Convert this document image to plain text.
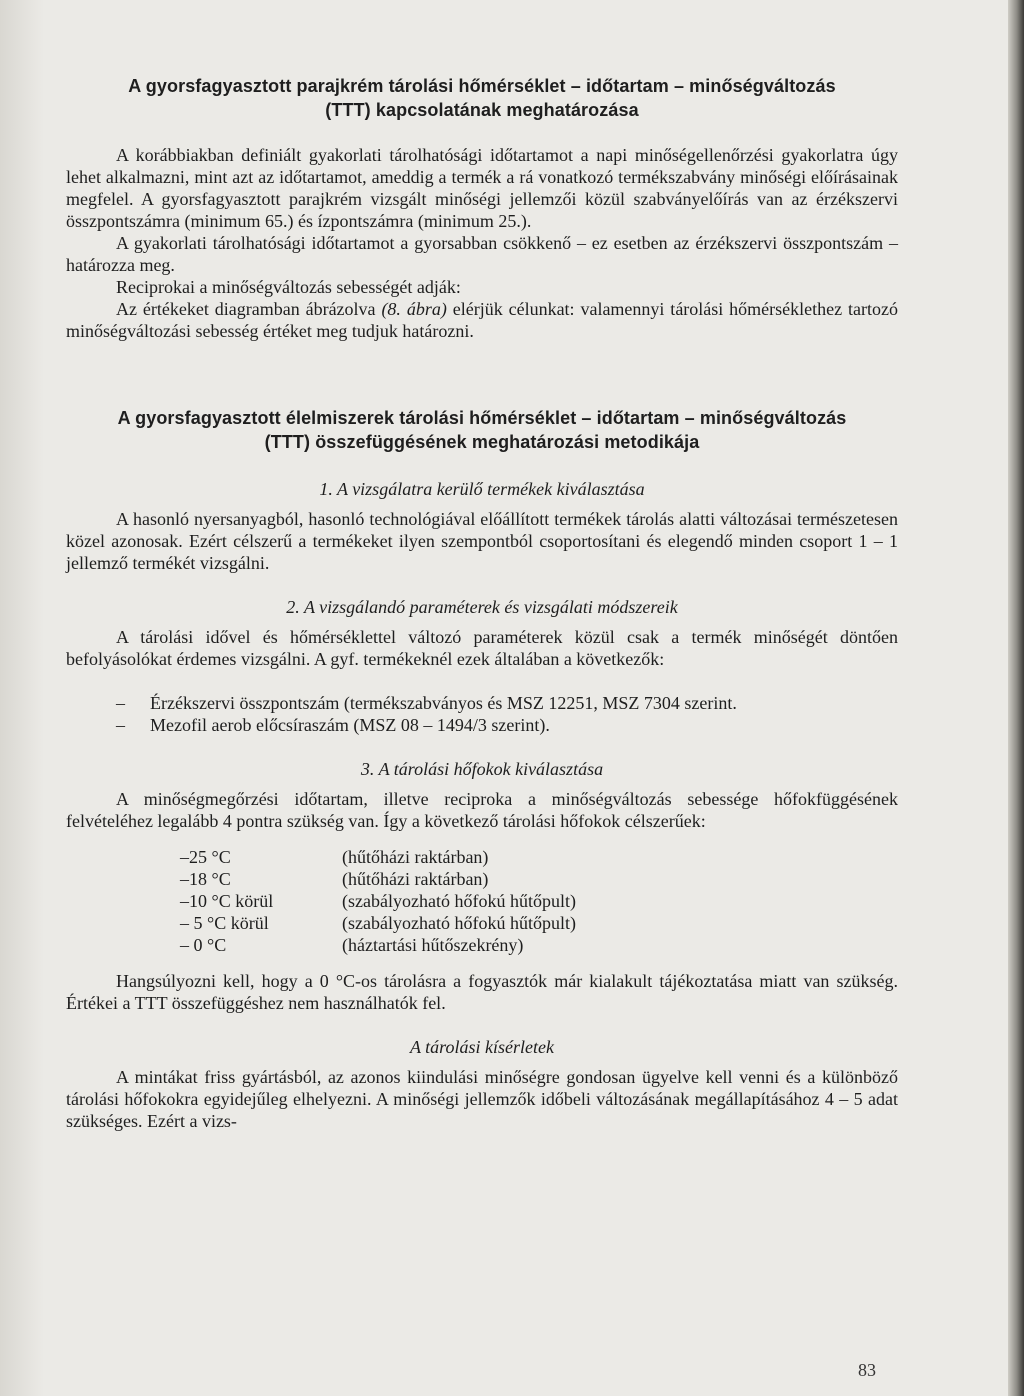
A gyorsfagyasztott parajkrém tárolási hőmérséklet – időtartam – minőségváltozás
(TTT) kapcsolatának meghatározása

A korábbiakban definiált gyakorlati tárolhatósági időtartamot a napi minőségellenőrzési gyakorlatra úgy lehet alkalmazni, mint azt az időtartamot, ameddig a termék a rá vonatkozó termékszabvány minőségi előírásainak megfelel. A gyorsfagyasztott parajkrém vizsgált minőségi jellemzői közül szabványelőírás van az érzékszervi összpontszámra (minimum 65.) és ízpontszámra (minimum 25.).

A gyakorlati tárolhatósági időtartamot a gyorsabban csökkenő – ez esetben az érzékszervi összpontszám – határozza meg.

Reciprokai a minőségváltozás sebességét adják:

Az értékeket diagramban ábrázolva (8. ábra) elérjük célunkat: valamennyi tárolási hőmérséklethez tartozó minőségváltozási sebesség értéket meg tudjuk határozni.

A gyorsfagyasztott élelmiszerek tárolási hőmérséklet – időtartam – minőségváltozás
(TTT) összefüggésének meghatározási metodikája

1. A vizsgálatra kerülő termékek kiválasztása

A hasonló nyersanyagból, hasonló technológiával előállított termékek tárolás alatti változásai természetesen közel azonosak. Ezért célszerű a termékeket ilyen szempontból csoportosítani és elegendő minden csoport 1 – 1 jellemző termékét vizsgálni.

2. A vizsgálandó paraméterek és vizsgálati módszereik

A tárolási idővel és hőmérséklettel változó paraméterek közül csak a termék minőségét döntően befolyásolókat érdemes vizsgálni. A gyf. termékeknél ezek általában a következők:

– Érzékszervi összpontszám (termékszabványos és MSZ 12251, MSZ 7304 szerint.
– Mezofil aerob előcsíraszám (MSZ 08 – 1494/3 szerint).

3. A tárolási hőfokok kiválasztása

A minőségmegőrzési időtartam, illetve reciproka a minőségváltozás sebessége hőfokfüggésének felvételéhez legalább 4 pontra szükség van. Így a következő tárolási hőfokok célszerűek:

–25 °C	(hűtőházi raktárban)
–18 °C	(hűtőházi raktárban)
–10 °C körül	(szabályozható hőfokú hűtőpult)
– 5 °C körül	(szabályozható hőfokú hűtőpult)
– 0 °C	(háztartási hűtőszekrény)

Hangsúlyozni kell, hogy a 0 °C-os tárolásra a fogyasztók már kialakult tájékoztatása miatt van szükség. Értékei a TTT összefüggéshez nem használhatók fel.

A tárolási kísérletek

A mintákat friss gyártásból, az azonos kiindulási minőségre gondosan ügyelve kell venni és a különböző tárolási hőfokokra egyidejűleg elhelyezni. A minőségi jellemzők időbeli változásának megállapításához 4 – 5 adat szükséges. Ezért a vizs-

83
